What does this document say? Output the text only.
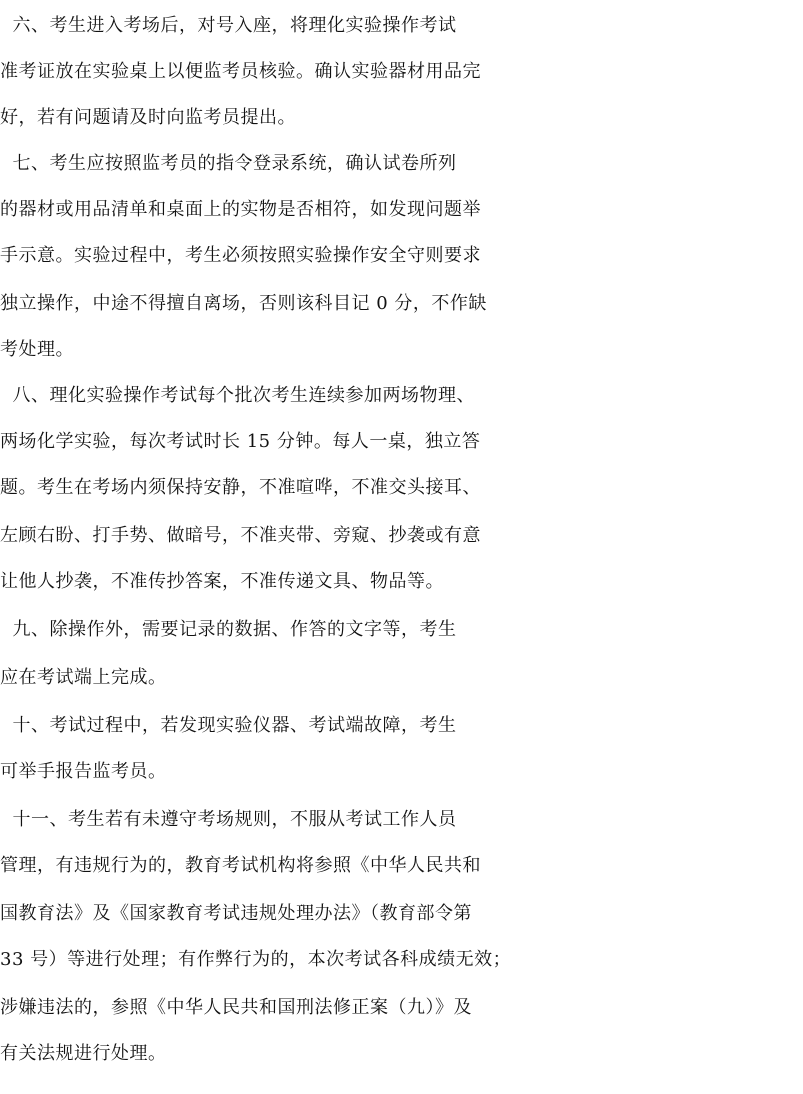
六、考生进入考场后，对号入座，将理化实验操作考试
准考证放在实验桌上以便监考员核验。确认实验器材用品完
好，若有问题请及时向监考员提出。
七、考生应按照监考员的指令登录系统，确认试卷所列
的器材或用品清单和桌面上的实物是否相符，如发现问题举
手示意。实验过程中，考生必须按照实验操作安全守则要求
独立操作，中途不得擅自离场，否则该科目记 0 分，不作缺
考处理。
八、理化实验操作考试每个批次考生连续参加两场物理、
两场化学实验，每次考试时长 15 分钟。每人一桌，独立答
题。考生在考场内须保持安静，不准喧哗，不准交头接耳、
左顾右盼、打手势、做暗号，不准夹带、旁窥、抄袭或有意
让他人抄袭，不准传抄答案，不准传递文具、物品等。
九、除操作外，需要记录的数据、作答的文字等，考生
应在考试端上完成。
十、考试过程中，若发现实验仪器、考试端故障，考生
可举手报告监考员。
十一、考生若有未遵守考场规则，不服从考试工作人员
管理，有违规行为的，教育考试机构将参照《中华人民共和
国教育法》及《国家教育考试违规处理办法》（教育部令第
33 号）等进行处理；有作弊行为的，本次考试各科成绩无效；
涉嫌违法的，参照《中华人民共和国刑法修正案（九）》及
有关法规进行处理。
